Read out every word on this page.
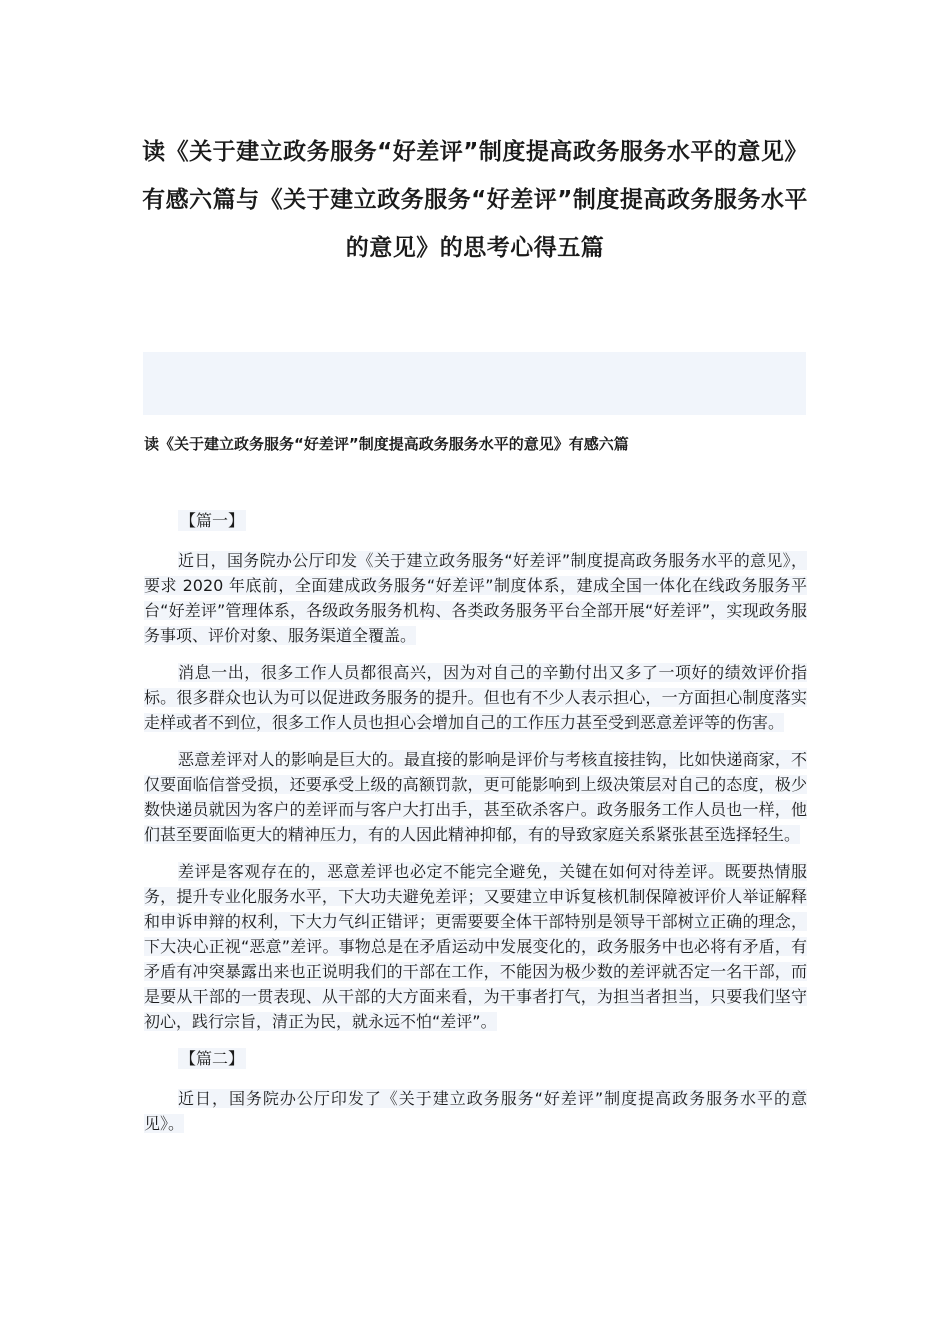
读《关于建立政务服务“好差评”制度提高政务服务水平的意见》有感六篇与《关于建立政务服务“好差评”制度提高政务服务水平的意见》的思考心得五篇
读《关于建立政务服务“好差评”制度提高政务服务水平的意见》有感六篇

【篇一】

近日，国务院办公厅印发《关于建立政务服务“好差评”制度提高政务服务水平的意见》，要求 2020 年底前，全面建成政务服务“好差评”制度体系，建成全国一体化在线政务服务平台“好差评”管理体系，各级政务服务机构、各类政务服务平台全部开展“好差评”，实现政务服务事项、评价对象、服务渠道全覆盖。

消息一出，很多工作人员都很高兴，因为对自己的辛勤付出又多了一项好的绩效评价指标。很多群众也认为可以促进政务服务的提升。但也有不少人表示担心，一方面担心制度落实走样或者不到位，很多工作人员也担心会增加自己的工作压力甚至受到恶意差评等的伤害。

恶意差评对人的影响是巨大的。最直接的影响是评价与考核直接挂钩，比如快递商家，不仅要面临信誉受损，还要承受上级的高额罚款，更可能影响到上级决策层对自己的态度，极少数快递员就因为客户的差评而与客户大打出手，甚至砍杀客户。政务服务工作人员也一样，他们甚至要面临更大的精神压力，有的人因此精神抑郁，有的导致家庭关系紧张甚至选择轻生。

差评是客观存在的，恶意差评也必定不能完全避免，关键在如何对待差评。既要热情服务，提升专业化服务水平，下大功夫避免差评；又要建立申诉复核机制保障被评价人举证解释和申诉申辩的权利，下大力气纠正错评；更需要要全体干部特别是领导干部树立正确的理念，下大决心正视“恶意”差评。事物总是在矛盾运动中发展变化的，政务服务中也必将有矛盾，有矛盾有冲突暴露出来也正说明我们的干部在工作，不能因为极少数的差评就否定一名干部，而是要从干部的一贯表现、从干部的大方面来看，为干事者打气，为担当者担当，只要我们坚守初心，践行宗旨，清正为民，就永远不怕“差评”。

【篇二】

近日，国务院办公厅印发了《关于建立政务服务“好差评”制度提高政务服务水平的意见》。
